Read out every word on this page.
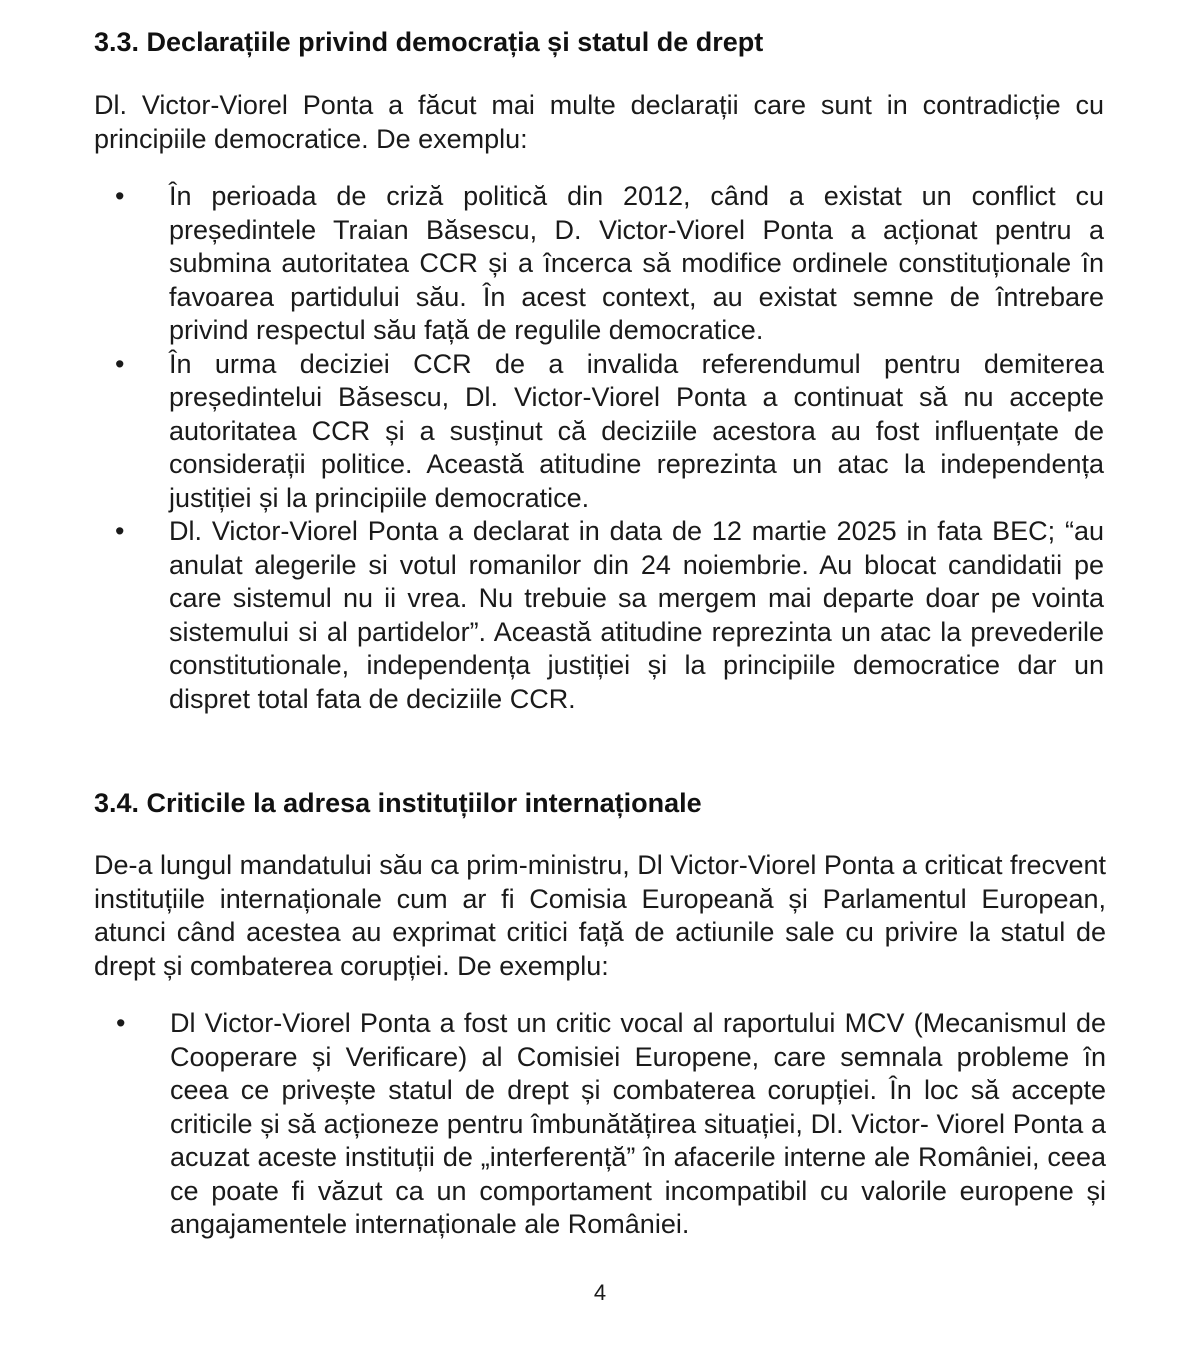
3.3. Declarațiile privind democrația și statul de drept

Dl. Victor-Viorel Ponta a făcut mai multe declarații care sunt in contradicție cu principiile democratice. De exemplu:

• În perioada de criză politică din 2012, când a existat un conflict cu președintele Traian Băsescu, D. Victor-Viorel Ponta a acționat pentru a submina autoritatea CCR și a încerca să modifice ordinele constituționale în favoarea partidului său. În acest context, au existat semne de întrebare privind respectul său față de regulile democratice.
• În urma deciziei CCR de a invalida referendumul pentru demiterea președintelui Băsescu, Dl. Victor-Viorel Ponta a continuat să nu accepte autoritatea CCR și a susținut că deciziile acestora au fost influențate de considerații politice. Această atitudine reprezinta un atac la independența justiției și la principiile democratice.
• Dl. Victor-Viorel Ponta a declarat in data de 12 martie 2025 in fata BEC; “au anulat alegerile si votul romanilor din 24 noiembrie. Au blocat candidatii pe care sistemul nu ii vrea. Nu trebuie sa mergem mai departe doar pe vointa sistemului si al partidelor”. Această atitudine reprezinta un atac la prevederile constitutionale, independența justiției și la principiile democratice dar un dispret total fata de deciziile CCR.
3.4. Criticile la adresa instituțiilor internaționale

De-a lungul mandatului său ca prim-ministru, Dl Victor-Viorel Ponta a criticat frecvent instituțiile internaționale cum ar fi Comisia Europeană și Parlamentul European, atunci când acestea au exprimat critici față de actiunile sale cu privire la statul de drept și combaterea corupției. De exemplu:

• Dl Victor-Viorel Ponta a fost un critic vocal al raportului MCV (Mecanismul de Cooperare și Verificare) al Comisiei Europene, care semnala probleme în ceea ce privește statul de drept și combaterea corupției. În loc să accepte criticile și să acționeze pentru îmbunătățirea situației, Dl. Victor- Viorel Ponta a acuzat aceste instituții de „interferență” în afacerile interne ale României, ceea ce poate fi văzut ca un comportament incompatibil cu valorile europene și angajamentele internaționale ale României.
4
